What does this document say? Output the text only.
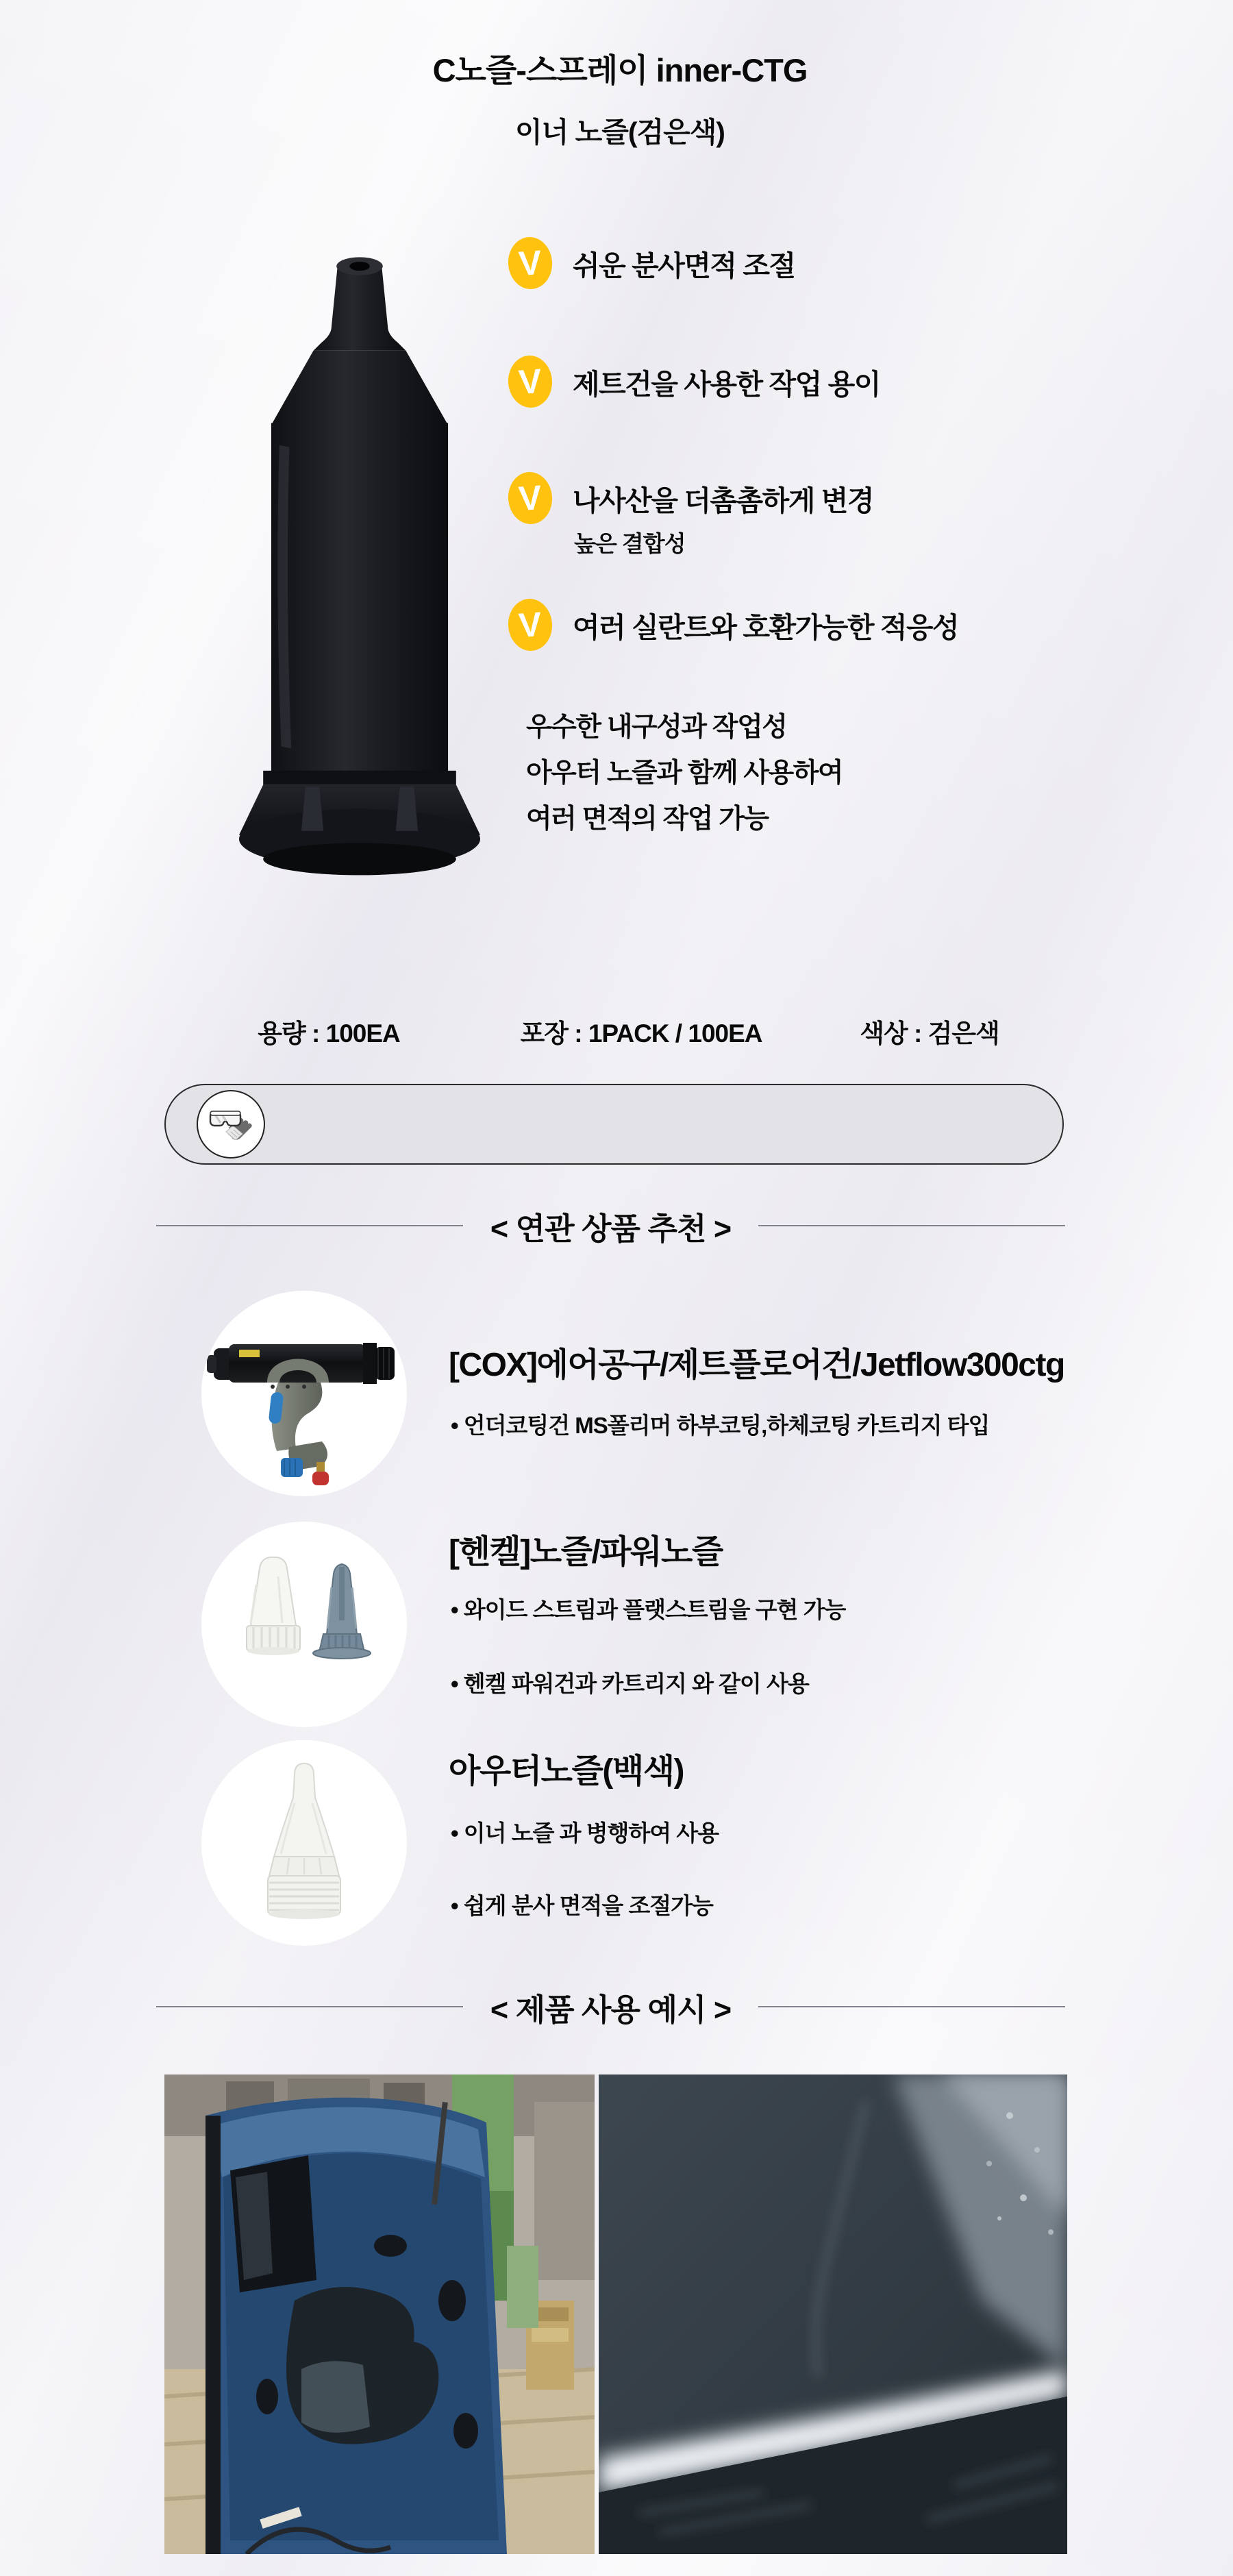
C노즐-스프레이 inner-CTG
이너 노즐(검은색)
V	쉬운 분사면적 조절
V	제트건을 사용한 작업 용이
V	나사산을 더촘촘하게 변경
높은 결합성
V	여러 실란트와 호환가능한 적응성
우수한 내구성과 작업성
아우터 노즐과 함께 사용하여
여러 면적의 작업 가능
용량 : 100EA	포장 : 1PACK / 100EA	색상 : 검은색
< 연관 상품 추천 >
[COX]에어공구/제트플로어건/Jetflow300ctg
• 언더코팅건 MS폴리머 하부코팅,하체코팅 카트리지 타입
[헨켈]노즐/파워노즐
• 와이드 스트림과 플랫스트림을 구현 가능
• 헨켈 파워건과 카트리지 와 같이 사용
아우터노즐(백색)
• 이너 노즐 과 병행하여 사용
• 쉽게 분사 면적을 조절가능
< 제품 사용 예시 >
